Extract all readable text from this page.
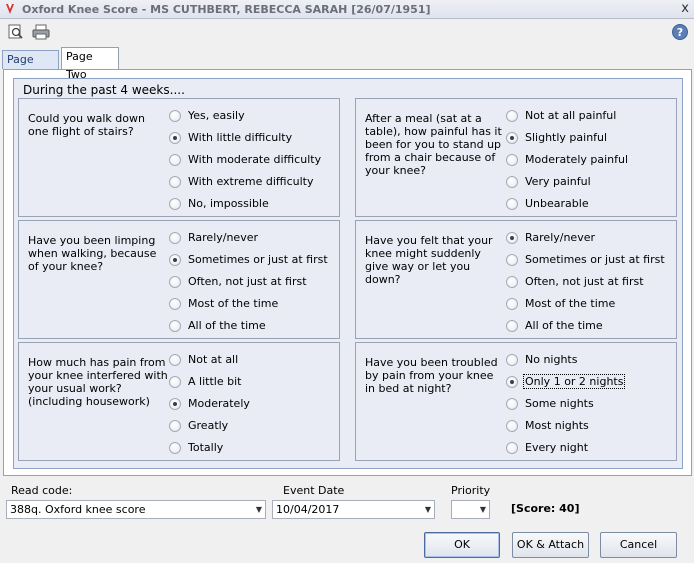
Oxford Knee Score - MS CUTHBERT, REBECCA SARAH [26/07/1951]	x
?
Page	Page Two
During the past 4 weeks....
Could you walk down one flight of stairs?
Yes, easily
With little difficulty
With moderate difficulty
With extreme difficulty
No, impossible
After a meal (sat at a table), how painful has it been for you to stand up from a chair because of your knee?
Not at all painful
Slightly painful
Moderately painful
Very painful
Unbearable
Have you been limping when walking, because of your knee?
Rarely/never
Sometimes or just at first
Often, not just at first
Most of the time
All of the time
Have you felt that your knee might suddenly give way or let you down?
Rarely/never
Sometimes or just at first
Often, not just at first
Most of the time
All of the time
How much has pain from your knee interfered with your usual work? (including housework)
Not at all
A little bit
Moderately
Greatly
Totally
Have you been troubled by pain from your knee in bed at night?
No nights
Only 1 or 2 nights
Some nights
Most nights
Every night
Read code:
388q. Oxford knee score	▼
Event Date
10/04/2017	▼
Priority
▼ [Score: 40]
OK	OK & Attach	Cancel
